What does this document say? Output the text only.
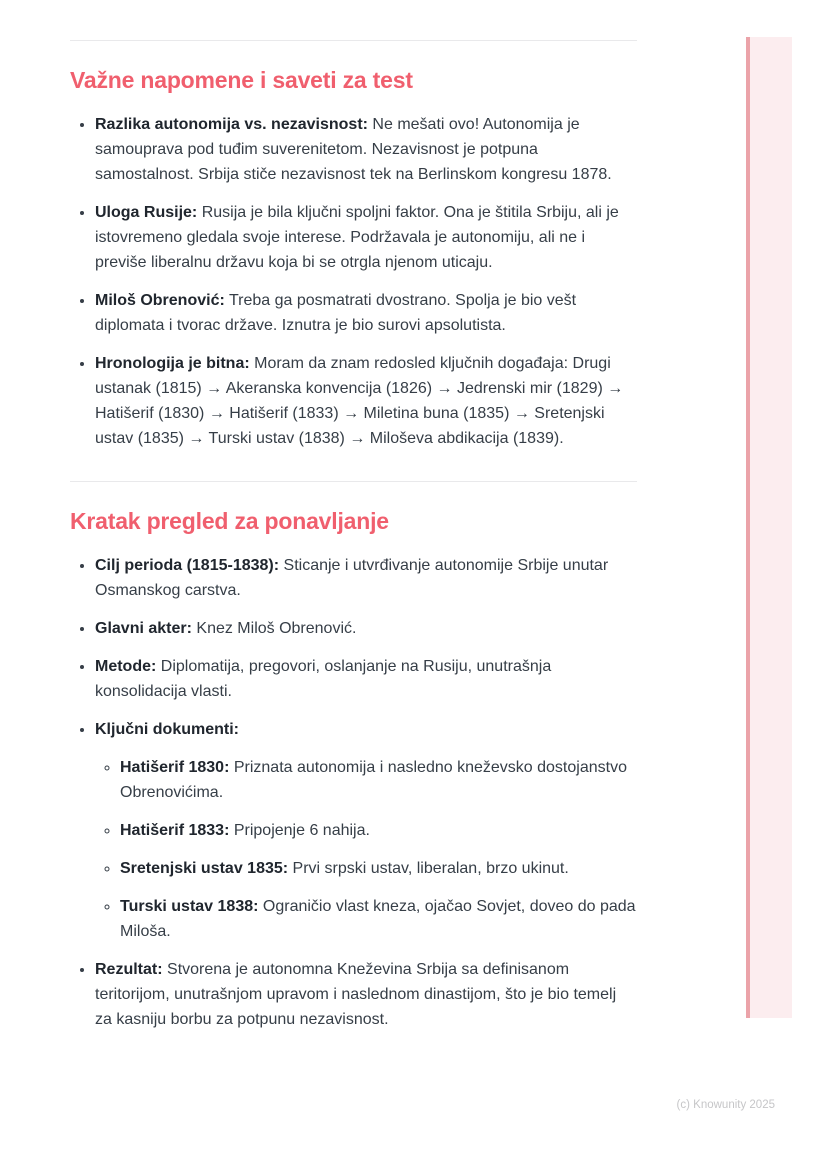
Važne napomene i saveti za test
• Razlika autonomija vs. nezavisnost: Ne mešati ovo! Autonomija je samouprava pod tuđim suverenitetom. Nezavisnost je potpuna samostalnost. Srbija stiče nezavisnost tek na Berlinskom kongresu 1878.
• Uloga Rusije: Rusija je bila ključni spoljni faktor. Ona je štitila Srbiju, ali je istovremeno gledala svoje interese. Podržavala je autonomiju, ali ne i previše liberalnu državu koja bi se otrgla njenom uticaju.
• Miloš Obrenović: Treba ga posmatrati dvostrano. Spolja je bio vešt diplomata i tvorac države. Iznutra je bio surovi apsolutista.
• Hronologija je bitna: Moram da znam redosled ključnih događaja: Drugi ustanak (1815) → Akeranska konvencija (1826) → Jedrenski mir (1829) → Hatišerif (1830) → Hatišerif (1833) → Miletina buna (1835) → Sretenjski ustav (1835) → Turski ustav (1838) → Miloševa abdikacija (1839).
Kratak pregled za ponavljanje
• Cilj perioda (1815-1838): Sticanje i utvrđivanje autonomije Srbije unutar Osmanskog carstva.
• Glavni akter: Knez Miloš Obrenović.
• Metode: Diplomatija, pregovori, oslanjanje na Rusiju, unutrašnja konsolidacija vlasti.
• Ključni dokumenti:
◦ Hatišerif 1830: Priznata autonomija i nasledno kneževsko dostojanstvo Obrenovićima.
◦ Hatišerif 1833: Pripojenje 6 nahija.
◦ Sretenjski ustav 1835: Prvi srpski ustav, liberalan, brzo ukinut.
◦ Turski ustav 1838: Ograničio vlast kneza, ojačao Sovjet, doveo do pada Miloša.
• Rezultat: Stvorena je autonomna Kneževina Srbija sa definisanom teritorijom, unutrašnjom upravom i naslednom dinastijom, što je bio temelj za kasniju borbu za potpunu nezavisnost.
(c) Knowunity 2025
